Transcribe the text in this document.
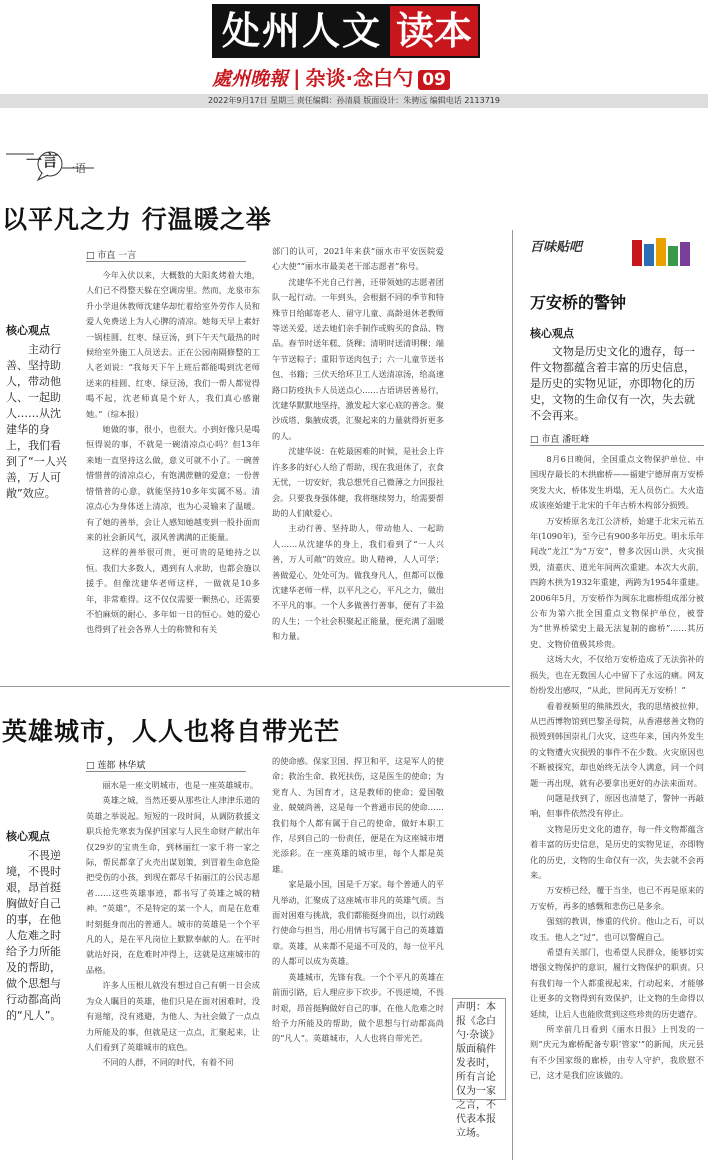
处州人文 读本
處州晚報 | 杂谈·念白勺 09
2022年9月17日 星期三 责任编辑：孙清晨 版面设计：朱骋远 编辑电话 2113719
一言 一语
以平凡之力 行温暖之举
□ 市直 一言
核心观点
主动行善、坚持助人，带动他人、一起助人……从沈建华的身上，我们看到了“一人兴善，万人可敞”效应。

今年入伏以来，大概数的大阳炙烤着大地，人们已不得整天躲在空调房里。然而，龙泉市东升小学退休教师沈建华却忙着给室外劳作人员和爱人免费送上为人心脾的清凉。她每天早上素好一锅桂圆、红枣、绿豆汤，到下午天气最热的时候给室外施工人员送去。正在公园南隔修整的工人老刘说：“我每天下午上班后都能喝到沈老师送来的桂圆、红枣、绿豆汤，我们一帮人都觉得喝不起，沈老师真是个好人，我们真心感谢她。”（综本报）

她做的事，很小，也很大。小到好像只是喝恒得说的事，不就是一碗清凉点心吗？但13年来她一直坚持这么做，意义可就不小了。一碗普惜惜普的清凉点心，有饱满蔗糖的爱意；一份普惜惜普的心意，就能坚持10多年实属不易。清凉点心为身体送上清凉，也为心灵输来了温暖。有了她的善举，会让人感知她越变到一股扑面而来的社会新风气，淑风普满满的正能量。

这样的善举很可贵，更可贵的是她持之以恒。我们大多数人，遇到有人求助，也都会施以援手。但像沈建华老师这样，一做就是10多年，非常难得。这不仅仅需要一颗热心，还需要不怕麻烦的耐心、多年如一日的恒心。她的爱心也得到了社会各界人士的称赞和有关

部门的认可，2021年来获“丽水市平安医院爱心大使”“丽水市最美老干部志愿者”称号。

沈建华不光自己行善，还带领她的志愿者团队一起行动。一年到头，会根据不同的季节和特殊节日给邮寄老人、留守儿童、高龄退休老教师等送关爱，送去她们亲手制作或购买的食品、物品。春节时送年糕、货稞；清明时送清明稞；端午节送粽子；重阳节送肉包子；六一儿童节送书包、书籍；三伏天给环卫工人送清凉汤，给高速路口防疫执卡人员送点心……古语讲居善易行，沈建华默默地坚持，激发起大家心底的善念。聚沙成塔、集腋成裘，汇聚起来的力量就得折更多的人。

沈建华说：在乾最困难的时候，是社会上许许多多的好心人给了帮助，现在我退休了，衣食无忧，一切安好，我总想凭自己微薄之力回报社会。只要我身强体健，我将继续努力，给需要帮助的人们献爱心。

主动行善、坚持助人，带动他人、一起助人……从沈建华的身上，我们看到了“一人兴善，万人可敞”的效应。助人精神，人人可学；善做爱心，处处可为。做我身凡人，但都可以像沈建华老师一样，以平凡之心，平凡之力，做出不平凡的事。一个人多做善行善事，便有了丰盈的人生；一个社会积聚起正能量，便充满了温暖和力量。

英雄城市，人人也将自带光芒
□ 莲都 林华斌
核心观点
不畏逆境，不畏时艰，昂首挺胸做好自己的事，在他人危难之时给予力所能及的帮助，做个思想与行动都高尚的“凡人”。

丽水是一座文明城市，也是一座英雄城市。

英雄之城，当然还要从那些让人津津乐道的英雄之举说起。短短的一段时间，从调防救援文职兵抢先寒衷为保护国家与人民生命财产献出年仅29岁的宝贵生命，到林丽红一家千将一家之际，帮民都拿了火壳出谋划策，到冒着生命危险把受伤的小孩，到现在都尽千拓丽江的公民志愿者……这些英雄事迹，都书写了英雄之城的精神。“英雄”，不是特定的某一个人，而是在危难时刻挺身而出的普通人。城市的英雄是一个个平凡的人，是在平凡岗位上默默奉献的人。在平时就站好岗，在危难时冲得上，这就是这座城市的品格。

许多人压根儿就没有想过自己有朝一日会成为众人瞩目的英雄，他们只是在面对困难时，没有退缩，没有逃避，为他人、为社会做了一点点力所能及的事，但就是这一点点，汇聚起来，让人们看到了英雄城市的底色。

不同的人群，不同的时代，有着不同

的使命感。保家卫国、捍卫和平，这是军人的使命；救治生命、救死扶伤，这是医生的使命；为党育人、为国育才，这是教师的使命；爱国敬业、兢兢尚善，这是每一个普通市民的使命……我们每个人都有属于自己的使命，做好本职工作，尽到自己的一份责任，便是在为这座城市增光添彩。在一座英雄的城市里，每个人都是英雄。

家是最小国，国是千万家。每个普通人的平凡举动，汇聚成了这座城市非凡的英雄气质。当面对困难与挑战，我们都能挺身而出，以行动践行使命与担当，用心用情书写属于自己的英雄篇章。英雄，从来都不是遥不可及的，每一位平凡的人都可以成为英雄。

英雄城市，先锋有我。一个个平凡的英雄在前面引路，后人理应步下坎步。不畏逆境，不畏时艰，昂首挺胸做好自己的事，在他人危难之时给予力所能及的帮助，做个思想与行动都高尚的“凡人”。英雄城市，人人也将自带光芒。

声明：本报《念白勺·杂谈》版面稿件发表时，所有言论仅为一家之言，不代表本报立场。
百味贴吧
万安桥的警钟
核心观点
文物是历史文化的遗存，每一件文物都蕴含着丰富的历史信息，是历史的实物见证，亦即物化的历史，文物的生命仅有一次，失去就不会再来。
□ 市直 潘旺峰

8月6日晚间，全国重点文物保护单位、中国现存最长的木拱廊桥——福建宁德屏南万安桥突发大火，桥体发生坍塌，无人员伤亡。大火造成该座始建于北宋的千年古桥木构部分损毁。

万安桥原名龙江公济桥，始建于北宋元祐五年(1090年)，至今已有900多年历史。明永乐年间改“龙江”为“万安”，曾多次因山洪、火灾损毁，清嘉庆、道光年间两次重建。本次大火前，四跨木拱为1932年重建，两跨为1954年重建。2006年5月，万安桥作为闽东北廊桥组成部分被公布为第六批全国重点文物保护单位，被誉为“世界桥梁史上最无法复制的廊桥”……其历史、文物价值极其珍贵。

这场大火，不仅给万安桥造成了无法弥补的损失，也在无数国人心中留下了永远的痛。网友纷纷发出感叹，“从此，世间再无万安桥！”

看着视频里的熊熊烈火，我的思绪被拉伸，从巴西博物馆到巴黎圣母院，从香港慈善文物的损毁到韩国崇礼门火灾，这些年来，国内外发生的文物遭火灾损毁的事件不在少数。火灾原因也不断被探究，却也始终无法令人满意，同一个问题一再出现，就有必要拿出更好的办法来面对。

问题是找到了，原因也清楚了，警钟一再敲响，但事件依然没有停止。

文物是历史文化的遗存，每一件文物都蕴含着丰富的历史信息，是历史的实物见证，亦即物化的历史，文物的生命仅有一次，失去就不会再来。

万安桥已经，覆于当坐，也已不再是原来的万安桥，再多的感慨和悲伤已是多余。

强刻的教训，惨重的代价。他山之石，可以攻玉。他人之“过”，也可以警醒自己。

希望有关部门，也希望人民群众，能够切实增强文物保护的意识，履行文物保护的职责。只有我们每一个人都重视起来，行动起来，才能够让更多的文物得到有效保护，让文物的生命得以延续，让后人也能欣赏到这些珍贵的历史遗存。

所幸前几日看到《丽水日报》上刊发的一则“庆元为廊桥配备专职‘管家’”的新闻，庆元县有不少国家级的廊桥，由专人守护，我欣慰不已，这才是我们应该做的。
